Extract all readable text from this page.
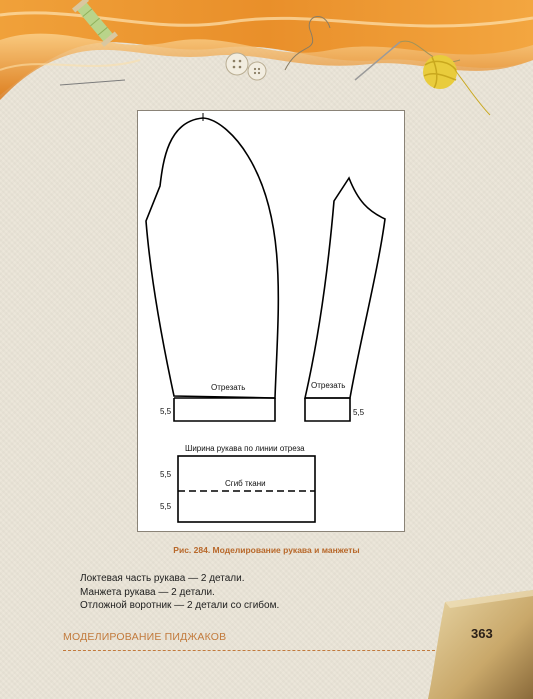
Отрезать	Отрезать
5,5	5,5
Ширина рукава по линии отреза
5,5
Сгиб ткани
5,5
Рис. 284. Моделирование рукава и манжеты
Локтевая часть рукава — 2 детали.
Манжета рукава — 2 детали.
Отложной воротник — 2 детали со сгибом.
МОДЕЛИРОВАНИЕ ПИДЖАКОВ	363
